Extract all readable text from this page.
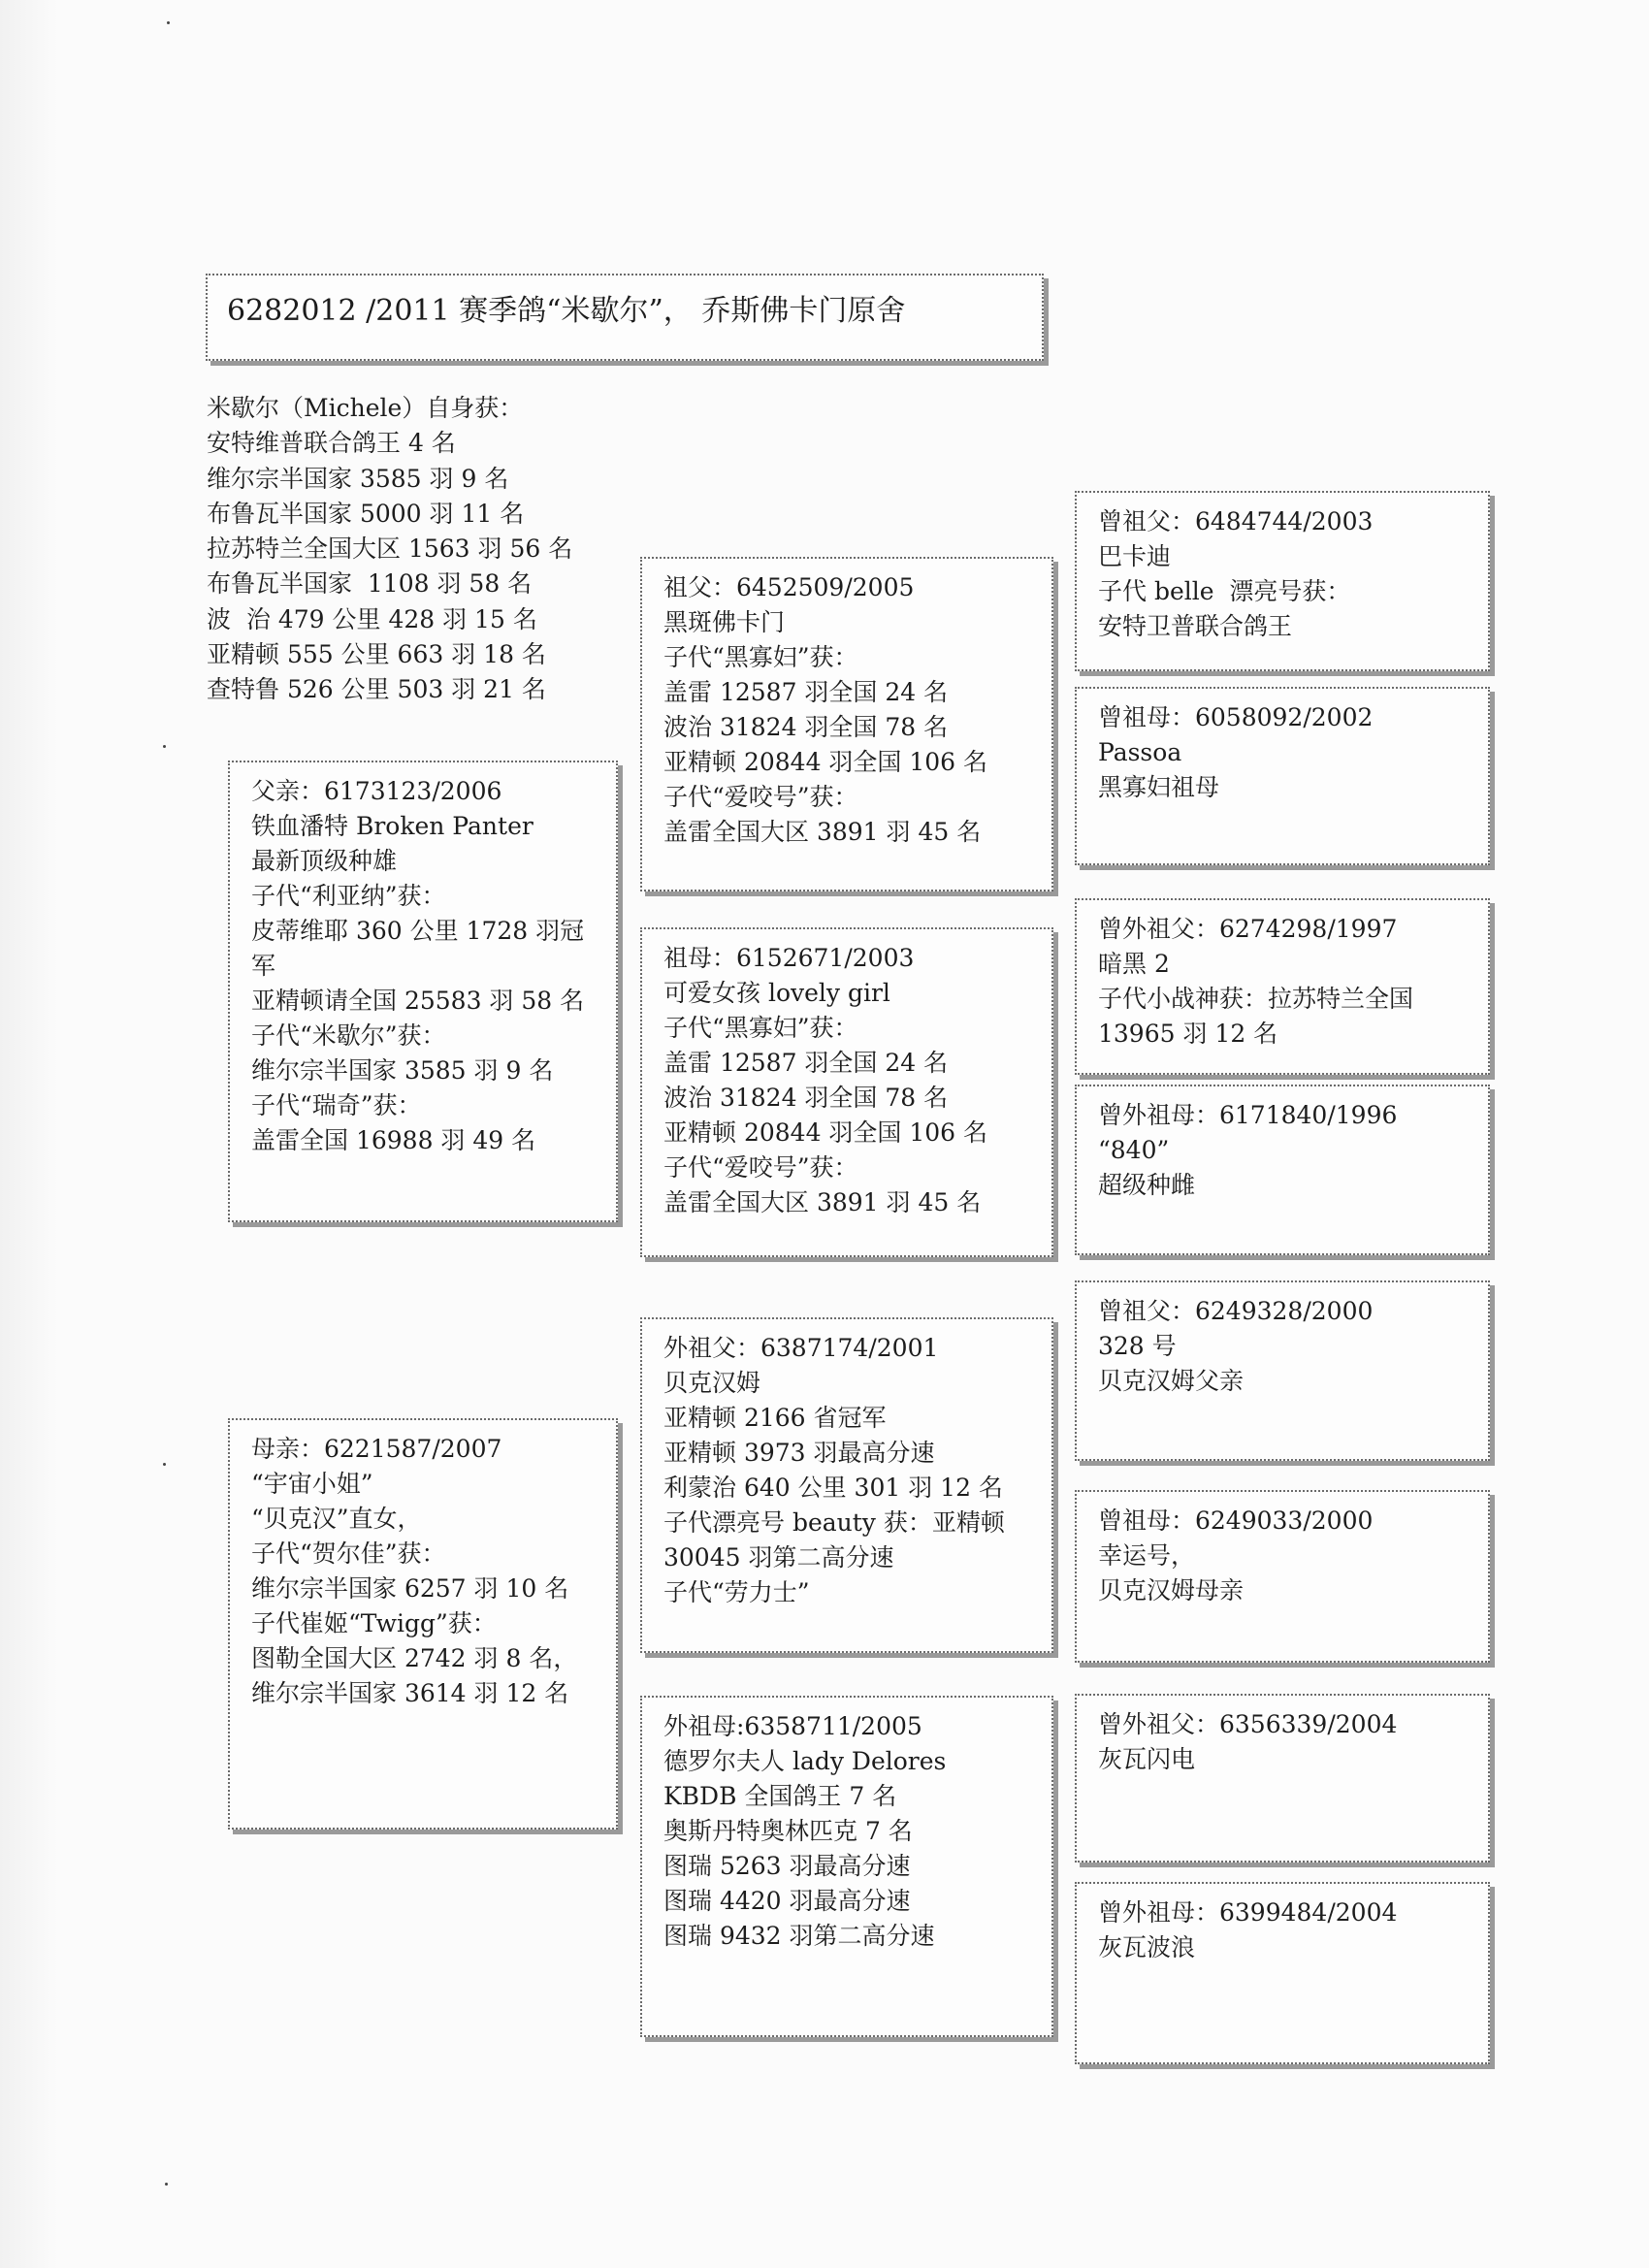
6282012 /2011 赛季鸽“米歇尔”， 乔斯佛卡门原舍
米歇尔（Michele）自身获：
安特维普联合鸽王 4 名
维尔宗半国家 3585 羽 9 名
布鲁瓦半国家 5000 羽 11 名
拉苏特兰全国大区 1563 羽 56 名
布鲁瓦半国家  1108 羽 58 名
波  治 479 公里 428 羽 15 名
亚精顿 555 公里 663 羽 18 名
查特鲁 526 公里 503 羽 21 名
父亲：6173123/2006
铁血潘特 Broken Panter
最新顶级种雄
子代“利亚纳”获：
皮蒂维耶 360 公里 1728 羽冠
军
亚精顿请全国 25583 羽 58 名
子代“米歇尔”获：
维尔宗半国家 3585 羽 9 名
子代“瑞奇”获：
盖雷全国 16988 羽 49 名
母亲：6221587/2007
“宇宙小姐”
“贝克汉”直女，
子代“贺尔佳”获：
维尔宗半国家 6257 羽 10 名
子代崔姬“Twigg”获：
图勒全国大区 2742 羽 8 名，
维尔宗半国家 3614 羽 12 名
祖父：6452509/2005
黑斑佛卡门
子代“黑寡妇”获：
盖雷 12587 羽全国 24 名
波治 31824 羽全国 78 名
亚精顿 20844 羽全国 106 名
子代“爱咬号”获：
盖雷全国大区 3891 羽 45 名
祖母：6152671/2003
可爱女孩 lovely girl
子代“黑寡妇”获：
盖雷 12587 羽全国 24 名
波治 31824 羽全国 78 名
亚精顿 20844 羽全国 106 名
子代“爱咬号”获：
盖雷全国大区 3891 羽 45 名
外祖父：6387174/2001
贝克汉姆
亚精顿 2166 省冠军
亚精顿 3973 羽最高分速
利蒙治 640 公里 301 羽 12 名
子代漂亮号 beauty 获：亚精顿
30045 羽第二高分速
子代“劳力士”
外祖母:6358711/2005
德罗尔夫人 lady Delores
KBDB 全国鸽王 7 名
奥斯丹特奥林匹克 7 名
图瑞 5263 羽最高分速
图瑞 4420 羽最高分速
图瑞 9432 羽第二高分速
曾祖父：6484744/2003
巴卡迪
子代 belle  漂亮号获：
安特卫普联合鸽王
曾祖母：6058092/2002
Passoa
黑寡妇祖母
曾外祖父：6274298/1997
暗黑 2
子代小战神获：拉苏特兰全国
13965 羽 12 名
曾外祖母：6171840/1996
“840”
超级种雌
曾祖父：6249328/2000
328 号
贝克汉姆父亲
曾祖母：6249033/2000
幸运号，
贝克汉姆母亲
曾外祖父：6356339/2004
灰瓦闪电
曾外祖母：6399484/2004
灰瓦波浪
